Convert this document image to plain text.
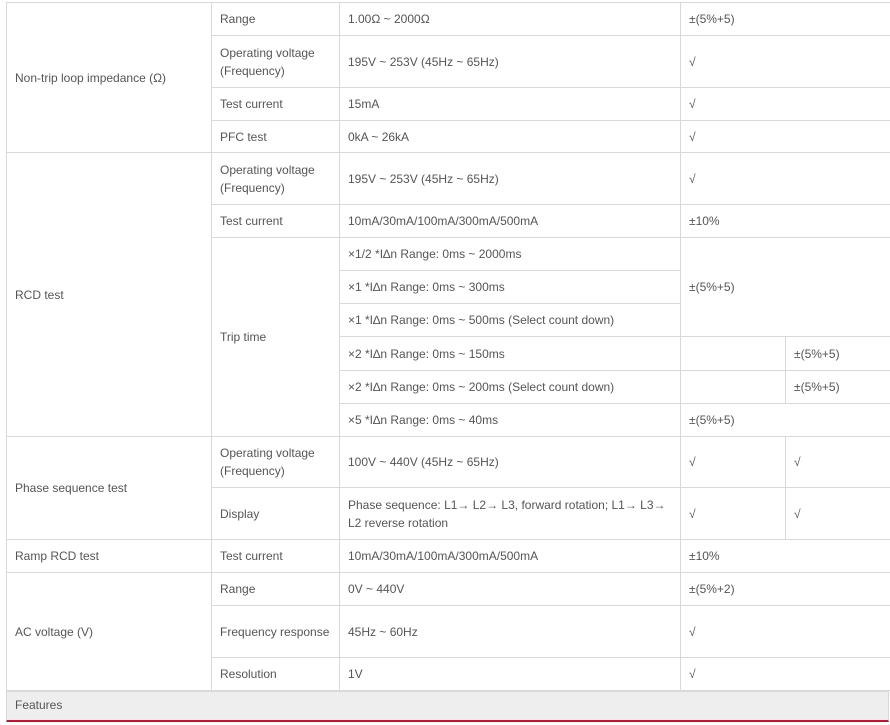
Non-trip loop impedance (Ω)	Range	1.00Ω ~ 2000Ω	±(5%+5)	
	Operating voltage (Frequency)	195V ~ 253V (45Hz ~ 65Hz)	√	
	Test current	15mA	√	
	PFC test	0kA ~ 26kA	√	
RCD test	Operating voltage (Frequency)	195V ~ 253V (45Hz ~ 65Hz)	√	
	Test current	10mA/30mA/100mA/300mA/500mA	±10%	
	Trip time	×1/2 *I∆n Range: 0ms ~ 2000ms	±(5%+5)	
		×1 *I∆n Range: 0ms ~ 300ms		
		×1 *I∆n Range: 0ms ~ 500ms (Select count down)		
		×2 *I∆n Range: 0ms ~ 150ms		±(5%+5)
		×2 *I∆n Range: 0ms ~ 200ms (Select count down)		±(5%+5)
		×5 *I∆n Range: 0ms ~ 40ms	±(5%+5)	
Phase sequence test	Operating voltage (Frequency)	100V ~ 440V (45Hz ~ 65Hz)	√	√
	Display	Phase sequence: L1→ L2→ L3, forward rotation; L1→ L3→ L2 reverse rotation	√	√
Ramp RCD test	Test current	10mA/30mA/100mA/300mA/500mA	±10%	
AC voltage (V)	Range	0V ~ 440V	±(5%+2)	
	Frequency response	45Hz ~ 60Hz	√	
	Resolution	1V	√	
Features
